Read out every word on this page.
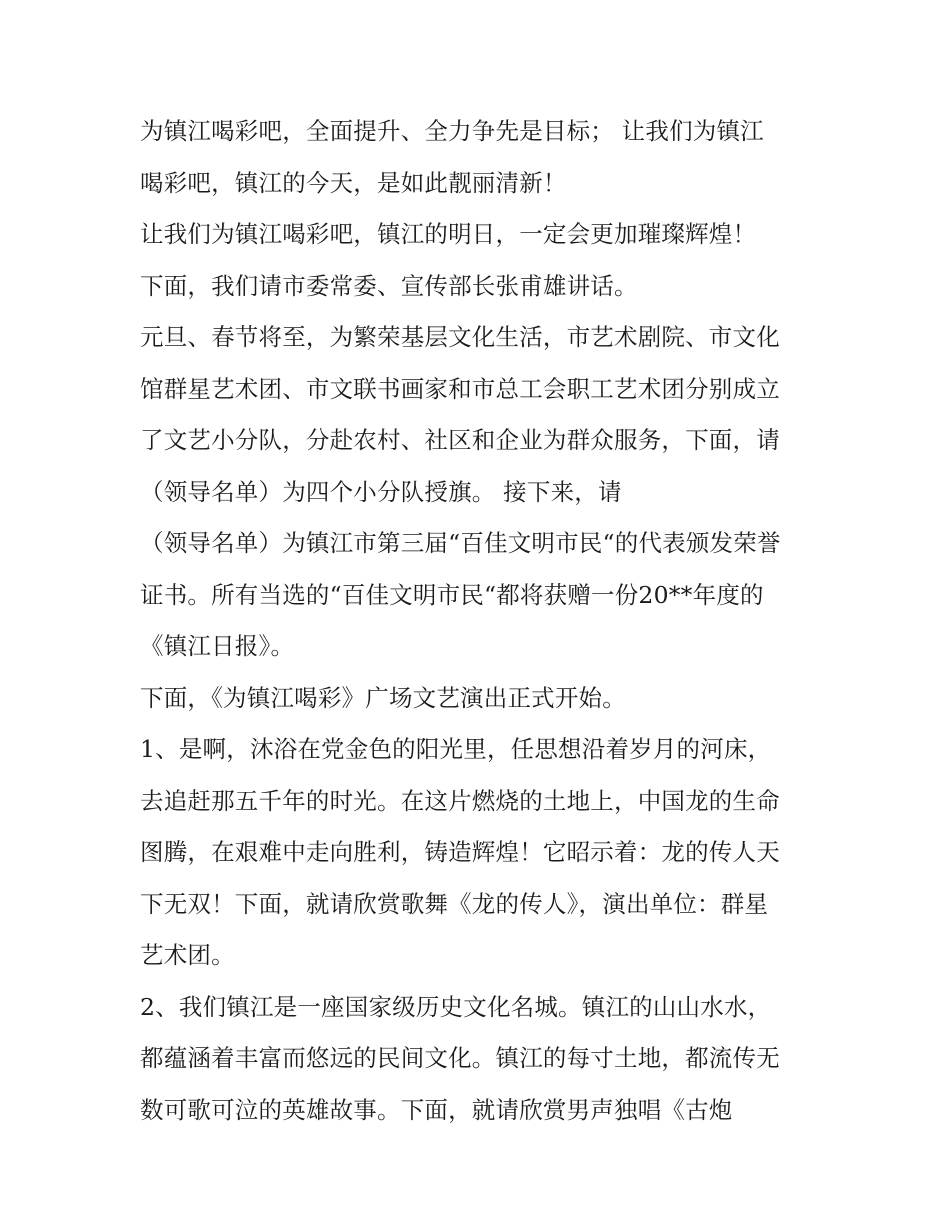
为镇江喝彩吧，全面提升、全力争先是目标； 让我们为镇江
喝彩吧，镇江的今天，是如此靓丽清新！
让我们为镇江喝彩吧，镇江的明日，一定会更加璀璨辉煌！
下面，我们请市委常委、宣传部长张甫雄讲话。
元旦、春节将至，为繁荣基层文化生活，市艺术剧院、市文化
馆群星艺术团、市文联书画家和市总工会职工艺术团分别成立
了文艺小分队，分赴农村、社区和企业为群众服务，下面，请
（领导名单）为四个小分队授旗。 接下来，请
（领导名单）为镇江市第三届“百佳文明市民“的代表颁发荣誉
证书。所有当选的“百佳文明市民“都将获赠一份20**年度的
《镇江日报》。
下面，《为镇江喝彩》广场文艺演出正式开始。
1、是啊，沐浴在党金色的阳光里，任思想沿着岁月的河床，
去追赶那五千年的时光。在这片燃烧的土地上，中国龙的生命
图腾，在艰难中走向胜利，铸造辉煌！它昭示着：龙的传人天
下无双！下面，就请欣赏歌舞《龙的传人》，演出单位：群星
艺术团。
2、我们镇江是一座国家级历史文化名城。镇江的山山水水，
都蕴涵着丰富而悠远的民间文化。镇江的每寸土地，都流传无
数可歌可泣的英雄故事。下面，就请欣赏男声独唱《古炮
